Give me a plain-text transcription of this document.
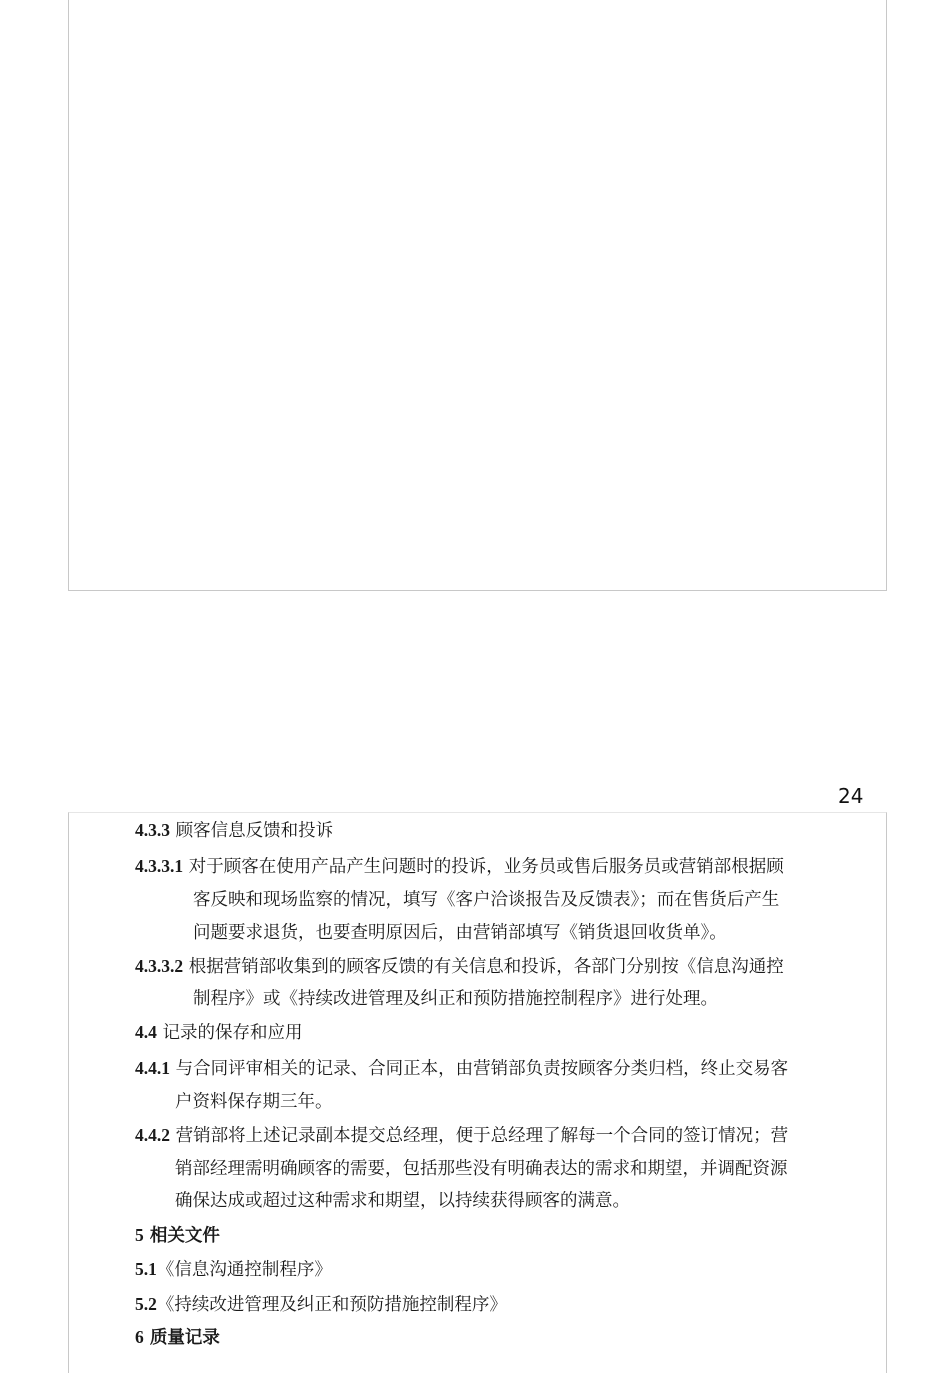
24
4.3.3 顾客信息反馈和投诉
4.3.3.1 对于顾客在使用产品产生问题时的投诉，业务员或售后服务员或营销部根据顾
客反映和现场监察的情况，填写《客户洽谈报告及反馈表》；而在售货后产生
问题要求退货，也要查明原因后，由营销部填写《销货退回收货单》。
4.3.3.2 根据营销部收集到的顾客反馈的有关信息和投诉，各部门分别按《信息沟通控
制程序》或《持续改进管理及纠正和预防措施控制程序》进行处理。
4.4 记录的保存和应用
4.4.1 与合同评审相关的记录、合同正本，由营销部负责按顾客分类归档，终止交易客
户资料保存期三年。
4.4.2 营销部将上述记录副本提交总经理，便于总经理了解每一个合同的签订情况；营
销部经理需明确顾客的需要，包括那些没有明确表达的需求和期望，并调配资源
确保达成或超过这种需求和期望，以持续获得顾客的满意。
5 相关文件
5.1《信息沟通控制程序》
5.2《持续改进管理及纠正和预防措施控制程序》
6 质量记录
